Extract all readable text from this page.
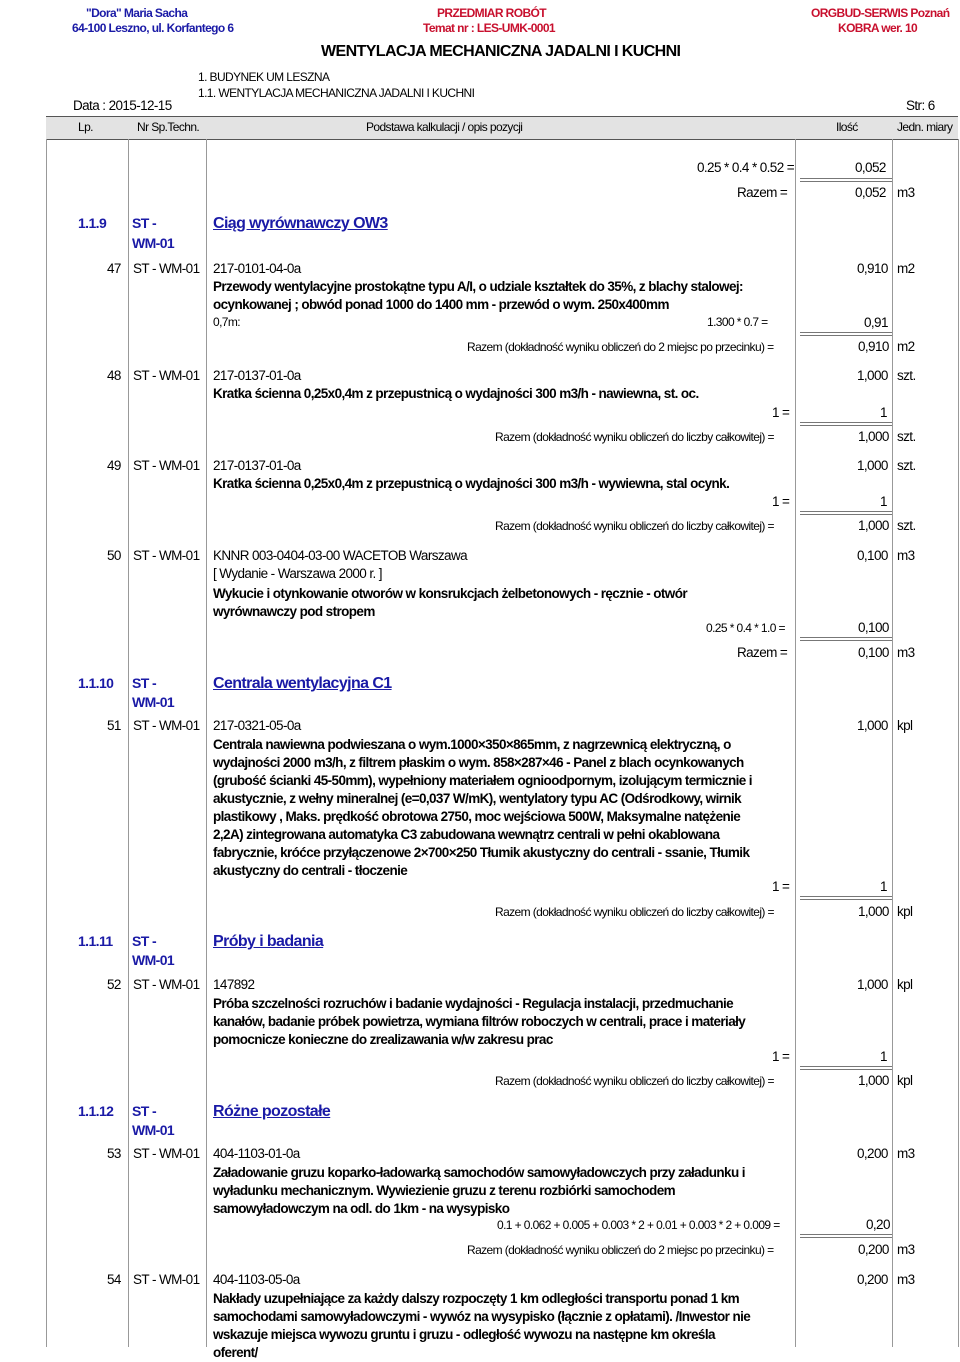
"Dora" Maria Sacha
64-100 Leszno, ul. Korfantego 6
PRZEDMIAR ROBÓT
Temat nr : LES-UMK-0001
ORGBUD-SERWIS Poznań
KOBRA wer. 10
WENTYLACJA MECHANICZNA JADALNI I KUCHNI
1. BUDYNEK UM LESZNA
1.1. WENTYLACJA MECHANICZNA JADALNI I KUCHNI
Data : 2015-12-15	Str: 6
Lp.	Nr Sp.Techn.	Podstawa kalkulacji / opis pozycji	Ilość	Jedn. miary
0.25 * 0.4 * 0.52 =	0,052
Razem =	0,052 m3
1.1.9 ST -
WM-01
Ciąg wyrównawczy OW3
47 ST - WM-01 217-0101-04-0a	0,910 m2
Przewody wentylacyjne prostokątne typu A/I, o udziale kształtek do 35%, z blachy stalowej: ocynkowanej ; obwód ponad 1000 do 1400 mm - przewód o wym. 250x400mm
0,7m:	1.300 * 0.7 =	0,91
Razem (dokładność wyniku obliczeń do 2 miejsc po przecinku) =	0,910 m2
48 ST - WM-01 217-0137-01-0a	1,000 szt.
Kratka ścienna 0,25x0,4m z przepustnicą o wydajności 300 m3/h - nawiewna, st. oc.
1 =	1
Razem (dokładność wyniku obliczeń do liczby całkowitej) =	1,000 szt.
49 ST - WM-01 217-0137-01-0a	1,000 szt.
Kratka ścienna 0,25x0,4m z przepustnicą o wydajności 300 m3/h - wywiewna, stal ocynk.
1 =	1
Razem (dokładność wyniku obliczeń do liczby całkowitej) =	1,000 szt.
50 ST - WM-01 KNNR 003-0404-03-00 WACETOB Warszawa
[ Wydanie - Warszawa 2000 r. ]
0,100 m3
Wykucie i otynkowanie otworów w konsrukcjach żelbetonowych - ręcznie - otwór wyrównawczy pod stropem
0.25 * 0.4 * 1.0 =	0,100
Razem =	0,100 m3
1.1.10 ST -
WM-01
Centrala wentylacyjna C1
51 ST - WM-01 217-0321-05-0a	1,000 kpl
Centrala nawiewna podwieszana o wym.1000×350×865mm, z nagrzewnicą elektryczną, o wydajności 2000 m3/h, z filtrem płaskim o wym. 858×287×46 - Panel z blach ocynkowanych (grubość ścianki 45-50mm), wypełniony materiałem ognioodpornym, izolującym termicznie i akustycznie, z wełny mineralnej (e=0,037 W/mK), wentylatory typu AC (Odśrodkowy, wirnik plastikowy , Maks. prędkość obrotowa 2750, moc wejściowa 500W, Maksymalne natężenie 2,2A) zintegrowana automatyka C3 zabudowana wewnątrz centrali w pełni okablowana fabrycznie, króćce przyłączenowe 2×700×250 Tłumik akustyczny do centrali - ssanie, Tłumik akustyczny do centrali - tłoczenie
1 =	1
Razem (dokładność wyniku obliczeń do liczby całkowitej) =	1,000 kpl
1.1.11 ST -
WM-01
Próby i badania
52 ST - WM-01 147892	1,000 kpl
Próba szczelności rozruchów i badanie wydajności - Regulacja instalacji, przedmuchanie kanałów, badanie próbek powietrza, wymiana filtrów roboczych w centrali, prace i materiały pomocnicze konieczne do zrealizawania w/w zakresu prac
1 =	1
Razem (dokładność wyniku obliczeń do liczby całkowitej) =	1,000 kpl
1.1.12 ST -
WM-01
Różne pozostałe
53 ST - WM-01 404-1103-01-0a	0,200 m3
Załadowanie gruzu koparko-ładowarką samochodów samowyładowczych przy załadunku i wyładunku mechanicznym. Wywiezienie gruzu z terenu rozbiórki samochodem samowyładowczym na odl. do 1km - na wysypisko
0.1 + 0.062 + 0.005 + 0.003 * 2 + 0.01 + 0.003 * 2 + 0.009 =	0,20
Razem (dokładność wyniku obliczeń do 2 miejsc po przecinku) =	0,200 m3
54 ST - WM-01 404-1103-05-0a	0,200 m3
Nakłady uzupełniające za każdy dalszy rozpoczęty 1 km odległości transportu ponad 1 km samochodami samowyładowczymi - wywóz na wysypisko (łącznie z opłatami). /Inwestor nie wskazuje miejsca wywozu gruntu i gruzu - odległość wywozu na następne km określa oferent/
